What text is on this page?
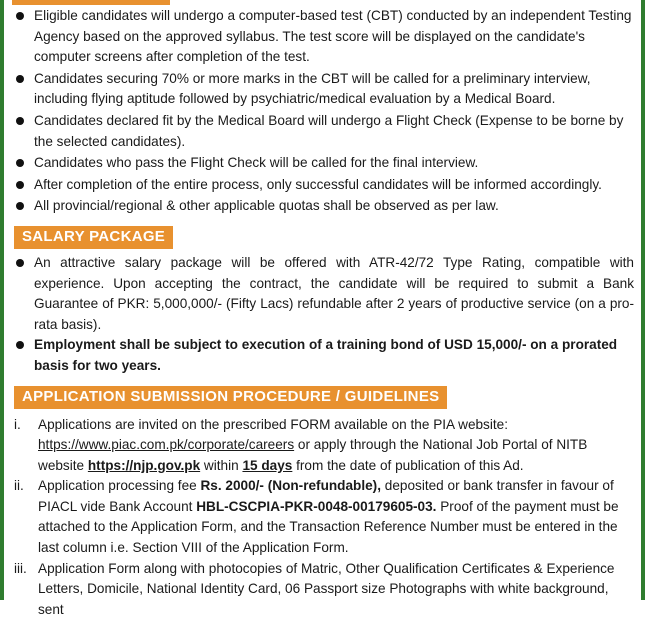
Eligible candidates will undergo a computer-based test (CBT) conducted by an independent Testing Agency based on the approved syllabus. The test score will be displayed on the candidate's computer screens after completion of the test.
Candidates securing 70% or more marks in the CBT will be called for a preliminary interview, including flying aptitude followed by psychiatric/medical evaluation by a Medical Board.
Candidates declared fit by the Medical Board will undergo a Flight Check (Expense to be borne by the selected candidates).
Candidates who pass the Flight Check will be called for the final interview.
After completion of the entire process, only successful candidates will be informed accordingly.
All provincial/regional & other applicable quotas shall be observed as per law.
SALARY PACKAGE
An attractive salary package will be offered with ATR-42/72 Type Rating, compatible with experience. Upon accepting the contract, the candidate will be required to submit a Bank Guarantee of PKR: 5,000,000/- (Fifty Lacs) refundable after 2 years of productive service (on a pro-rata basis).
Employment shall be subject to execution of a training bond of USD 15,000/- on a prorated basis for two years.
APPLICATION SUBMISSION PROCEDURE / GUIDELINES
i. Applications are invited on the prescribed FORM available on the PIA website:
https://www.piac.com.pk/corporate/careers or apply through the National Job Portal of NITB website https://njp.gov.pk within 15 days from the date of publication of this Ad.
ii. Application processing fee Rs. 2000/- (Non-refundable), deposited or bank transfer in favour of PIACL vide Bank Account HBL-CSCPIA-PKR-0048-00179605-03. Proof of the payment must be attached to the Application Form, and the Transaction Reference Number must be entered in the last column i.e. Section VIII of the Application Form.
iii. Application Form along with photocopies of Matric, Other Qualification Certificates & Experience Letters, Domicile, National Identity Card, 06 Passport size Photographs with white background, sent
